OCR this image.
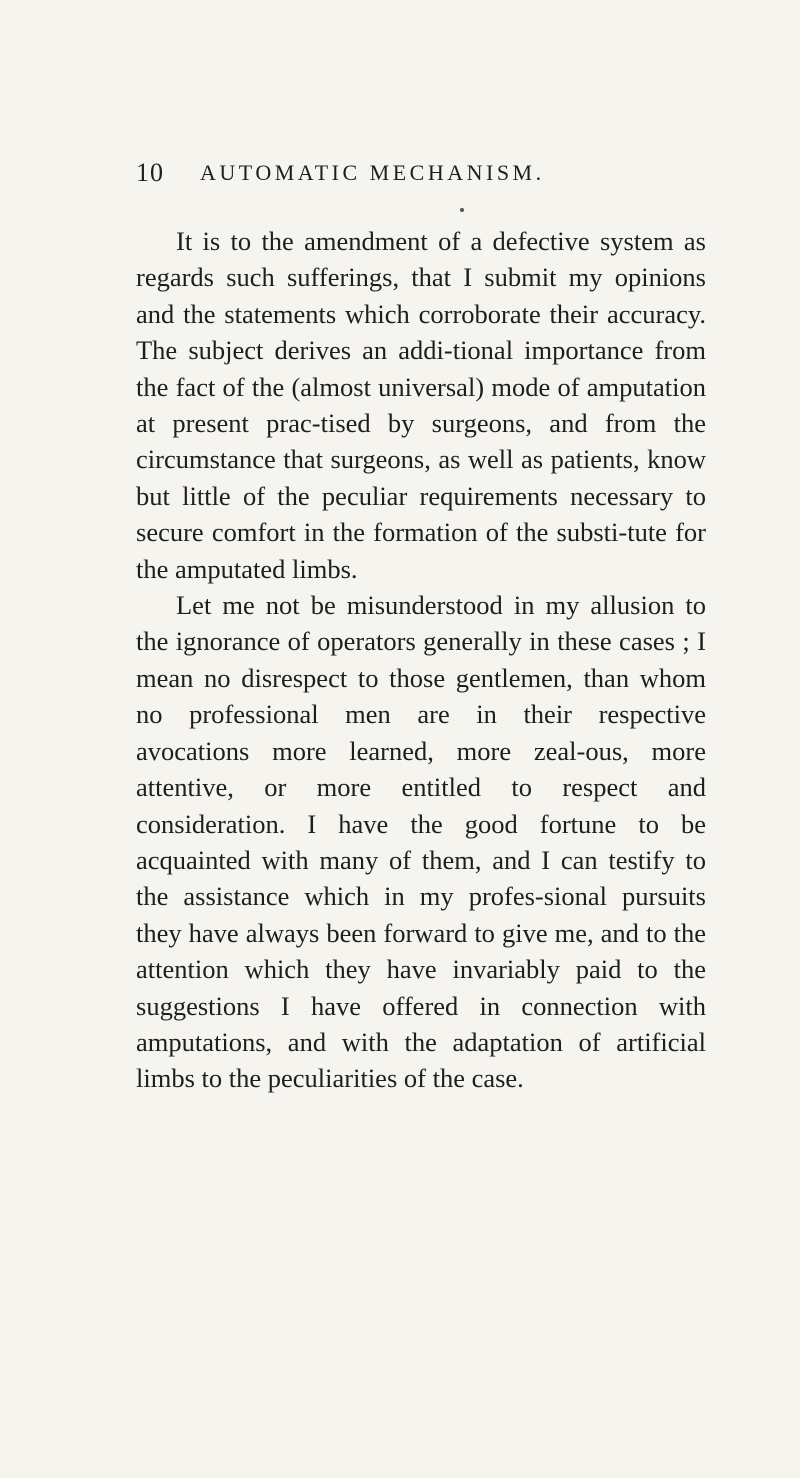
10 AUTOMATIC MECHANISM.

It is to the amendment of a defective system as regards such sufferings, that I submit my opinions and the statements which corroborate their accuracy. The subject derives an addi-tional importance from the fact of the (almost universal) mode of amputation at present prac-tised by surgeons, and from the circumstance that surgeons, as well as patients, know but little of the peculiar requirements necessary to secure comfort in the formation of the substi-tute for the amputated limbs.

Let me not be misunderstood in my allusion to the ignorance of operators generally in these cases ; I mean no disrespect to those gentlemen, than whom no professional men are in their respective avocations more learned, more zeal-ous, more attentive, or more entitled to respect and consideration. I have the good fortune to be acquainted with many of them, and I can testify to the assistance which in my profes-sional pursuits they have always been forward to give me, and to the attention which they have invariably paid to the suggestions I have offered in connection with amputations, and with the adaptation of artificial limbs to the peculiarities of the case.
